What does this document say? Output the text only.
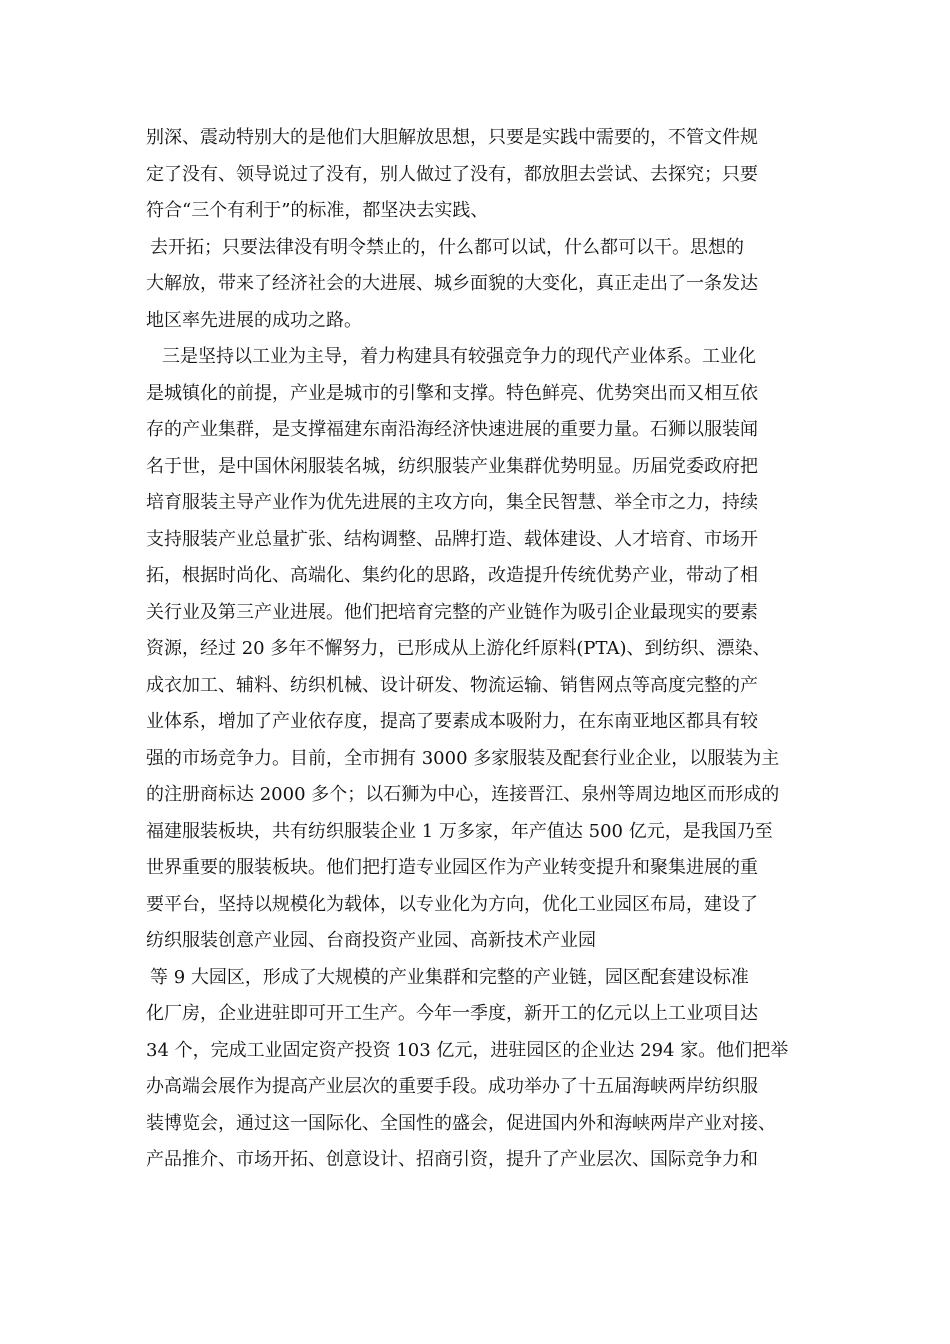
别深、震动特别大的是他们大胆解放思想，只要是实践中需要的，不管文件规
定了没有、领导说过了没有，别人做过了没有，都放胆去尝试、去探究；只要
符合“三个有利于”的标准，都坚决去实践、
去开拓；只要法律没有明令禁止的，什么都可以试，什么都可以干。思想的
大解放，带来了经济社会的大进展、城乡面貌的大变化，真正走出了一条发达
地区率先进展的成功之路。
三是坚持以工业为主导，着力构建具有较强竞争力的现代产业体系。工业化
是城镇化的前提，产业是城市的引擎和支撑。特色鲜亮、优势突出而又相互依
存的产业集群，是支撑福建东南沿海经济快速进展的重要力量。石狮以服装闻
名于世，是中国休闲服装名城，纺织服装产业集群优势明显。历届党委政府把
培育服装主导产业作为优先进展的主攻方向，集全民智慧、举全市之力，持续
支持服装产业总量扩张、结构调整、品牌打造、载体建设、人才培育、市场开
拓，根据时尚化、高端化、集约化的思路，改造提升传统优势产业，带动了相
关行业及第三产业进展。他们把培育完整的产业链作为吸引企业最现实的要素
资源，经过 20 多年不懈努力，已形成从上游化纤原料(PTA)、到纺织、漂染、
成衣加工、辅料、纺织机械、设计研发、物流运输、销售网点等高度完整的产
业体系，增加了产业依存度，提高了要素成本吸附力，在东南亚地区都具有较
强的市场竞争力。目前，全市拥有 3000 多家服装及配套行业企业，以服装为主
的注册商标达 2000 多个；以石狮为中心，连接晋江、泉州等周边地区而形成的
福建服装板块，共有纺织服装企业 1 万多家，年产值达 500 亿元，是我国乃至
世界重要的服装板块。他们把打造专业园区作为产业转变提升和聚集进展的重
要平台，坚持以规模化为载体，以专业化为方向，优化工业园区布局，建设了
纺织服装创意产业园、台商投资产业园、高新技术产业园
等 9 大园区，形成了大规模的产业集群和完整的产业链，园区配套建设标准
化厂房，企业进驻即可开工生产。今年一季度，新开工的亿元以上工业项目达
34 个，完成工业固定资产投资 103 亿元，进驻园区的企业达 294 家。他们把举
办高端会展作为提高产业层次的重要手段。成功举办了十五届海峡两岸纺织服
装博览会，通过这一国际化、全国性的盛会，促进国内外和海峡两岸产业对接、
产品推介、市场开拓、创意设计、招商引资，提升了产业层次、国际竞争力和
